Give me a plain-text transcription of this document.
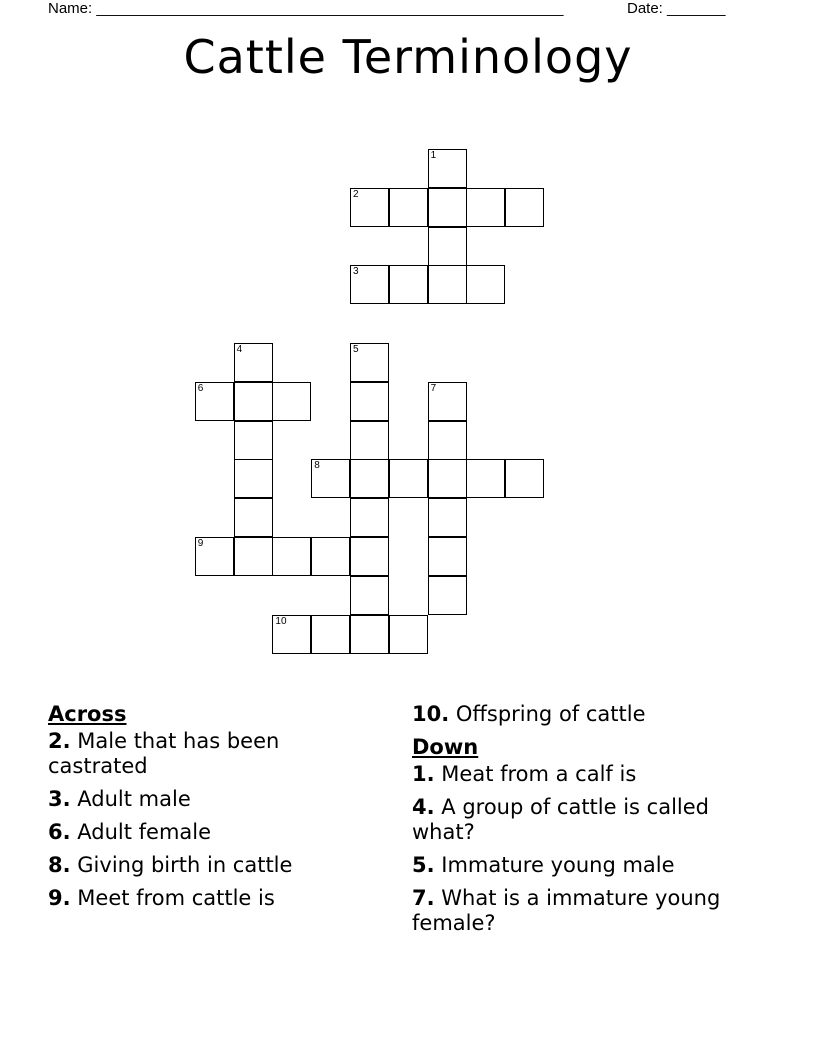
Name: ________________________________________________________	Date: _______
Cattle Terminology
1
2
3
4	5
6	7
8
9
10
Across
2. Male that has been castrated
3. Adult male
6. Adult female
8. Giving birth in cattle
9. Meet from cattle is
10. Offspring of cattle
Down
1. Meat from a calf is
4. A group of cattle is called what?
5. Immature young male
7. What is a immature young female?
